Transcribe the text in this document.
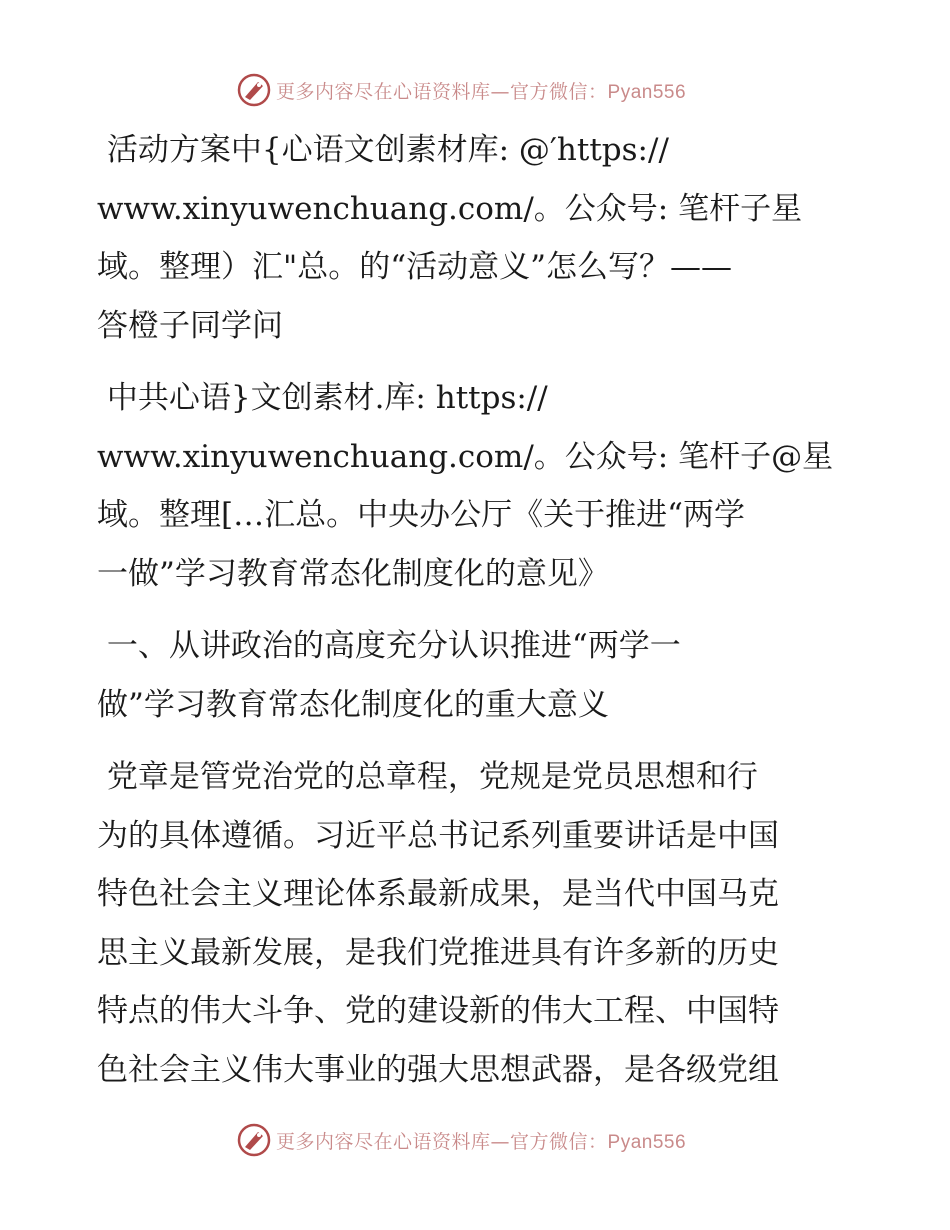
更多内容尽在心语资料库—官方微信：Pyan556

活动方案中{心语文创素材库: @′https://
www.xinyuwenchuang.com/。公众号: 笔杆子星
域。整理）汇"总。的“活动意义”怎么写？——
答橙子同学问

中共心语}文创素材.库: https://
www.xinyuwenchuang.com/。公众号: 笔杆子@星
域。整理[…汇总。中央办公厅《关于推进“两学
一做”学习教育常态化制度化的意见》

一、从讲政治的高度充分认识推进“两学一
做”学习教育常态化制度化的重大意义

党章是管党治党的总章程，党规是党员思想和行
为的具体遵循。习近平总书记系列重要讲话是中国
特色社会主义理论体系最新成果，是当代中国马克
思主义最新发展，是我们党推进具有许多新的历史
特点的伟大斗争、党的建设新的伟大工程、中国特
色社会主义伟大事业的强大思想武器，是各级党组

更多内容尽在心语资料库—官方微信：Pyan556
